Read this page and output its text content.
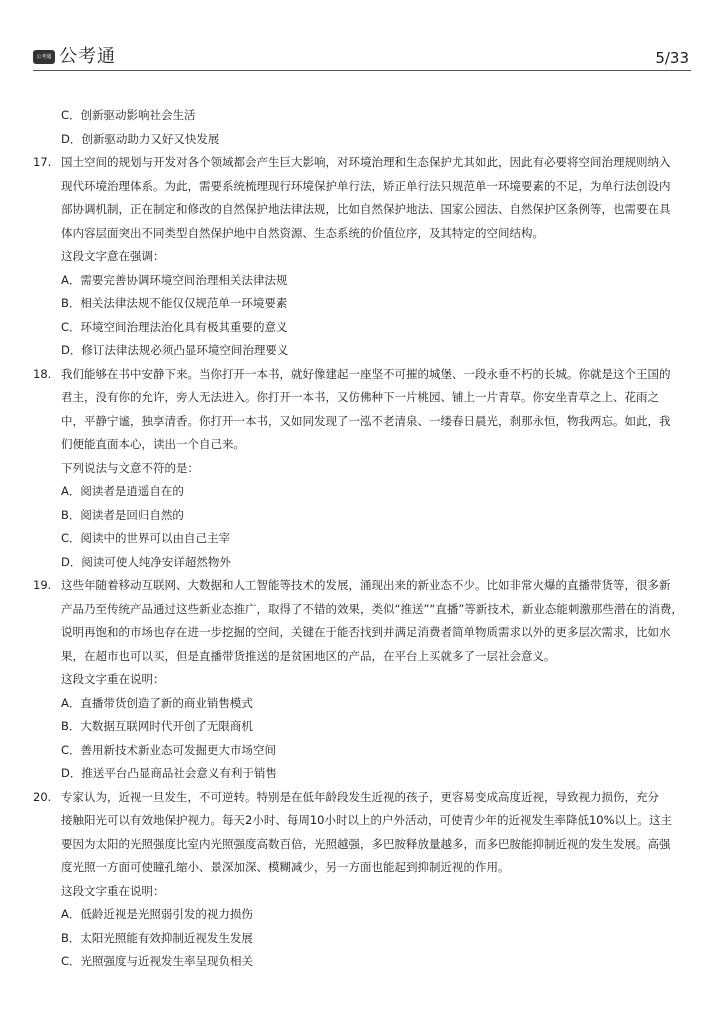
公考通 公考通	5/33
C．创新驱动影响社会生活
D．创新驱动助力又好又快发展
17. 国土空间的规划与开发对各个领域都会产生巨大影响，对环境治理和生态保护尤其如此，因此有必要将空间治理规则纳入
现代环境治理体系。为此，需要系统梳理现行环境保护单行法，矫正单行法只规范单一环境要素的不足，为单行法创设内
部协调机制，正在制定和修改的自然保护地法律法规，比如自然保护地法、国家公园法、自然保护区条例等，也需要在具
体内容层面突出不同类型自然保护地中自然资源、生态系统的价值位序，及其特定的空间结构。
这段文字意在强调：
A．需要完善协调环境空间治理相关法律法规
B．相关法律法规不能仅仅规范单一环境要素
C．环境空间治理法治化具有极其重要的意义
D．修订法律法规必须凸显环境空间治理要义
18. 我们能够在书中安静下来。当你打开一本书，就好像建起一座坚不可摧的城堡、一段永垂不朽的长城。你就是这个王国的
君主，没有你的允许，旁人无法进入。你打开一本书，又仿佛种下一片桃园、铺上一片青草。你安坐青草之上、花雨之
中，平静宁谧，独享清香。你打开一本书，又如同发现了一泓不老清泉、一缕春日晨光，刹那永恒，物我两忘。如此，我
们便能直面本心，读出一个自己来。
下列说法与文意不符的是：
A．阅读者是逍遥自在的
B．阅读者是回归自然的
C．阅读中的世界可以由自己主宰
D．阅读可使人纯净安详超然物外
19. 这些年随着移动互联网、大数据和人工智能等技术的发展，涌现出来的新业态不少。比如非常火爆的直播带货等，很多新
产品乃至传统产品通过这些新业态推广，取得了不错的效果，类似“推送”“直播”等新技术，新业态能刺激那些潜在的消费，
说明再饱和的市场也存在进一步挖掘的空间，关键在于能否找到并满足消费者简单物质需求以外的更多层次需求，比如水
果，在超市也可以买，但是直播带货推送的是贫困地区的产品，在平台上买就多了一层社会意义。
这段文字重在说明：
A．直播带货创造了新的商业销售模式
B．大数据互联网时代开创了无限商机
C．善用新技术新业态可发掘更大市场空间
D．推送平台凸显商品社会意义有利于销售
20. 专家认为，近视一旦发生，不可逆转。特别是在低年龄段发生近视的孩子，更容易变成高度近视，导致视力损伤，充分
接触阳光可以有效地保护视力。每天2小时、每周10小时以上的户外活动，可使青少年的近视发生率降低10%以上。这主
要因为太阳的光照强度比室内光照强度高数百倍，光照越强，多巴胺释放量越多，而多巴胺能抑制近视的发生发展。高强
度光照一方面可使瞳孔缩小、景深加深、模糊减少，另一方面也能起到抑制近视的作用。
这段文字重在说明：
A．低龄近视是光照弱引发的视力损伤
B．太阳光照能有效抑制近视发生发展
C．光照强度与近视发生率呈现负相关
